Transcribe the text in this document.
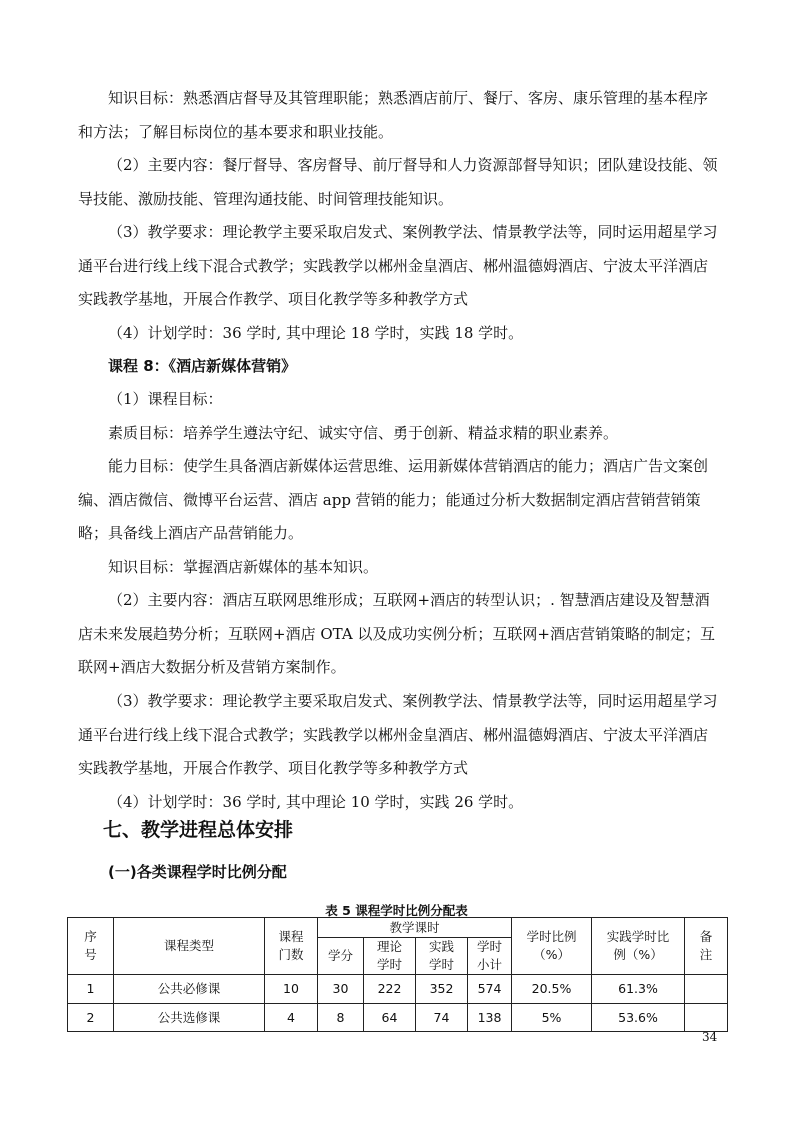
知识目标：熟悉酒店督导及其管理职能；熟悉酒店前厅、餐厅、客房、康乐管理的基本程序和方法；了解目标岗位的基本要求和职业技能。
（2）主要内容：餐厅督导、客房督导、前厅督导和人力资源部督导知识；团队建设技能、领导技能、激励技能、管理沟通技能、时间管理技能知识。
（3）教学要求：理论教学主要采取启发式、案例教学法、情景教学法等，同时运用超星学习通平台进行线上线下混合式教学；实践教学以郴州金皇酒店、郴州温德姆酒店、宁波太平洋酒店实践教学基地，开展合作教学、项目化教学等多种教学方式
（4）计划学时：36 学时, 其中理论 18 学时，实践 18 学时。
课程 8：《酒店新媒体营销》
（1）课程目标：
素质目标：培养学生遵法守纪、诚实守信、勇于创新、精益求精的职业素养。
能力目标：使学生具备酒店新媒体运营思维、运用新媒体营销酒店的能力；酒店广告文案创编、酒店微信、微博平台运营、酒店 app 营销的能力；能通过分析大数据制定酒店营销营销策略；具备线上酒店产品营销能力。
知识目标：掌握酒店新媒体的基本知识。
（2）主要内容：酒店互联网思维形成；互联网+酒店的转型认识；. 智慧酒店建设及智慧酒店未来发展趋势分析；互联网+酒店 OTA 以及成功实例分析；互联网+酒店营销策略的制定；互联网+酒店大数据分析及营销方案制作。
（3）教学要求：理论教学主要采取启发式、案例教学法、情景教学法等，同时运用超星学习通平台进行线上线下混合式教学；实践教学以郴州金皇酒店、郴州温德姆酒店、宁波太平洋酒店实践教学基地，开展合作教学、项目化教学等多种教学方式
（4）计划学时：36 学时, 其中理论 10 学时，实践 26 学时。
七、教学进程总体安排
(一)各类课程学时比例分配
表 5 课程学时比例分配表
序号	课程类型	课程门数	教学课时				学时比例（%）	实践学时比例（%）	备注
			学分	理论学时	实践学时	学时小计			
1	公共必修课	10	30	222	352	574	20.5%	61.3%	
2	公共选修课	4	8	64	74	138	5%	53.6%	
34
